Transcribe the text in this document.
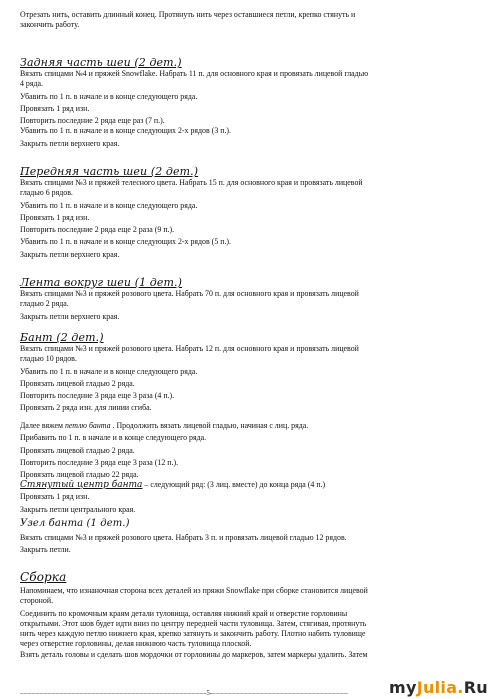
Отрезать нить, оставить длинный конец. Протянуть нить через оставшиеся петли, крепко стянуть и

закончить работу.

Задняя часть шеи (2 дет.)

Вязать спицами №4 и пряжей Snowflake. Набрать 11 п. для основного края и провязать лицевой гладью

4 ряда.

Убавить по 1 п. в начале и в конце следующего ряда.

Провязать 1 ряд изн.

Повторить последние 2 ряда еще раз (7 п.).

Убавить по 1 п. в начале и в конце следующих 2-х рядов (3 п.).

Закрыть петли верхнего края.

Передняя часть шеи (2 дет.)

Вязать спицами №3 и пряжей телесного цвета. Набрать 15 п. для основного края и провязать лицевой

гладью 6 рядов.

Убавить по 1 п. в начале и в конце следующего ряда.

Провязать 1 ряд изн.

Повторить последние 2 ряда еще 2 раза (9 п.).

Убавить по 1 п. в начале и в конце следующих 2-х рядов (5 п.).

Закрыть петли верхнего края.

Лента вокруг шеи (1 дет.)

Вязать спицами №3 и пряжей розового цвета. Набрать 70 п. для основного края и провязать лицевой

гладью 2 ряда.

Закрыть петли верхнего края.

Бант (2 дет.)

Вязать спицами №3 и пряжей розового цвета. Набрать 12 п. для основного края и провязать лицевой

гладью 10 рядов.

Убавить по 1 п. в начале и в конце следующего ряда.

Провязать лицевой гладью 2 ряда.

Повторить последние 3 ряда еще 3 раза (4 п.).

Провязать 2 ряда изн. для линии сгиба.

Далее вяжем петлю банта . Продолжить вязать лицевой гладью, начиная с лиц. ряда.

Прибавить по 1 п. в начале и в конце следующего ряда.

Провязать лицевой гладью 2 ряда.

Повторить последние 3 ряда еще 3 раза (12 п.).

Провязать лицевой гладью 22 ряда.

Стянутый центр банта – следующий ряд: (3 лиц. вместе) до конца ряда (4 п.)

Провязать 1 ряд изн.

Закрыть петли центрального края.

Узел банта (1 дет.)

Вязать спицами №3 и пряжей розового цвета. Набрать 3 п. и провязать лицевой гладью 12 рядов.

Закрыть петли.

Сборка

Напоминаем, что изнаночная сторона всех деталей из пряжи Snowflake при сборке становится лицевой

стороной.

Соединить по кромочным краям детали туловища, оставляя нижний край и отверстие горловины

открытыми. Этот шов будет идти вниз по центру передней части туловища. Затем, стягивая, протянуть

нить через каждую петлю нижнего края, крепко затянуть и закончить работу. Плотно набить туловище

через отверстие горловины, делая нижнюю часть туловища плоской.

Взять деталь головы и сделать шов мордочки от горловины до маркеров, затем маркеры удалить. Затем

––––––––––––––––––––––––––––––––––––––––––––––-5-––––––––––––––––––––––––––––––––––	myJulia.Ru
